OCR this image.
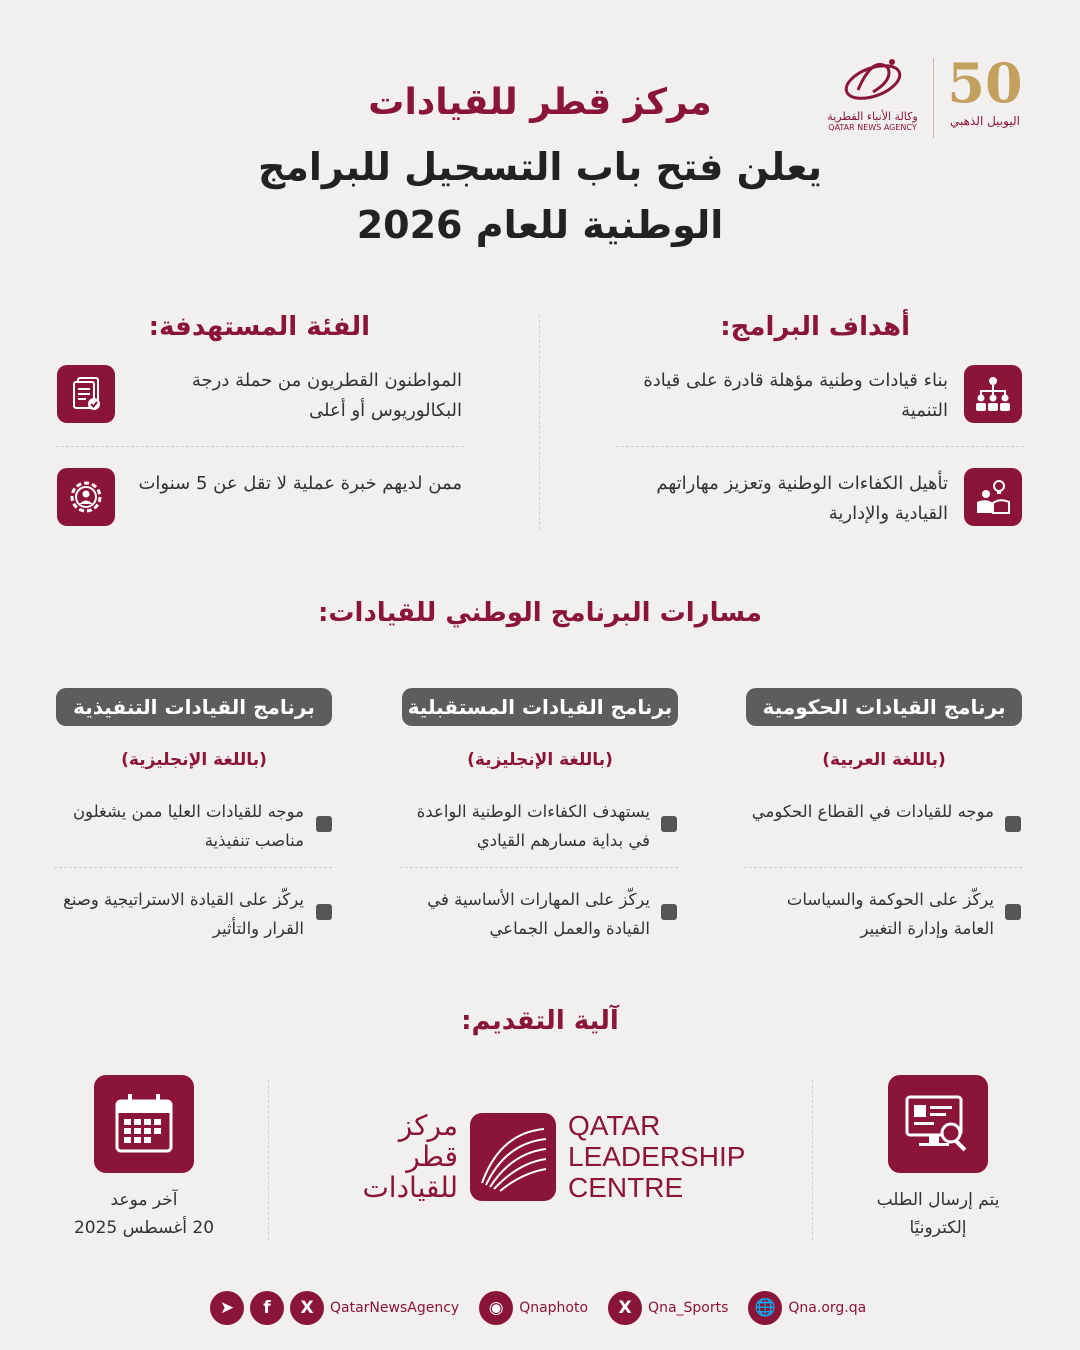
50
اليوبيل الذهبي
وكالة الأنباء القطرية
QATAR NEWS AGENCY
مركز قطر للقيادات
يعلن فتح باب التسجيل للبرامج
الوطنية للعام 2026
أهداف البرامج:
بناء قيادات وطنية مؤهلة قادرة على قيادة التنمية
تأهيل الكفاءات الوطنية وتعزيز مهاراتهم القيادية والإدارية
الفئة المستهدفة:
المواطنون القطريون من حملة درجة البكالوريوس أو أعلى
ممن لديهم خبرة عملية لا تقل عن 5 سنوات
مسارات البرنامج الوطني للقيادات:
برنامج القيادات الحكومية
(باللغة العربية)
موجه للقيادات في القطاع الحكومي
يركّز على الحوكمة والسياسات العامة وإدارة التغيير
برنامج القيادات المستقبلية
(باللغة الإنجليزية)
يستهدف الكفاءات الوطنية الواعدة في بداية مسارهم القيادي
يركّز على المهارات الأساسية في القيادة والعمل الجماعي
برنامج القيادات التنفيذية
(باللغة الإنجليزية)
موجه للقيادات العليا ممن يشغلون مناصب تنفيذية
يركّز على القيادة الاستراتيجية وصنع القرار والتأثير
آلية التقديم:
يتم إرسال الطلب
إلكترونيًا
مركز
قطر
للقيادات
QATAR
LEADERSHIP
CENTRE
آخر موعد
20 أغسطس 2025
➤	f	X	QatarNewsAgency	◉	Qnaphoto	X	Qna_Sports	🌐 Qna.org.qa
